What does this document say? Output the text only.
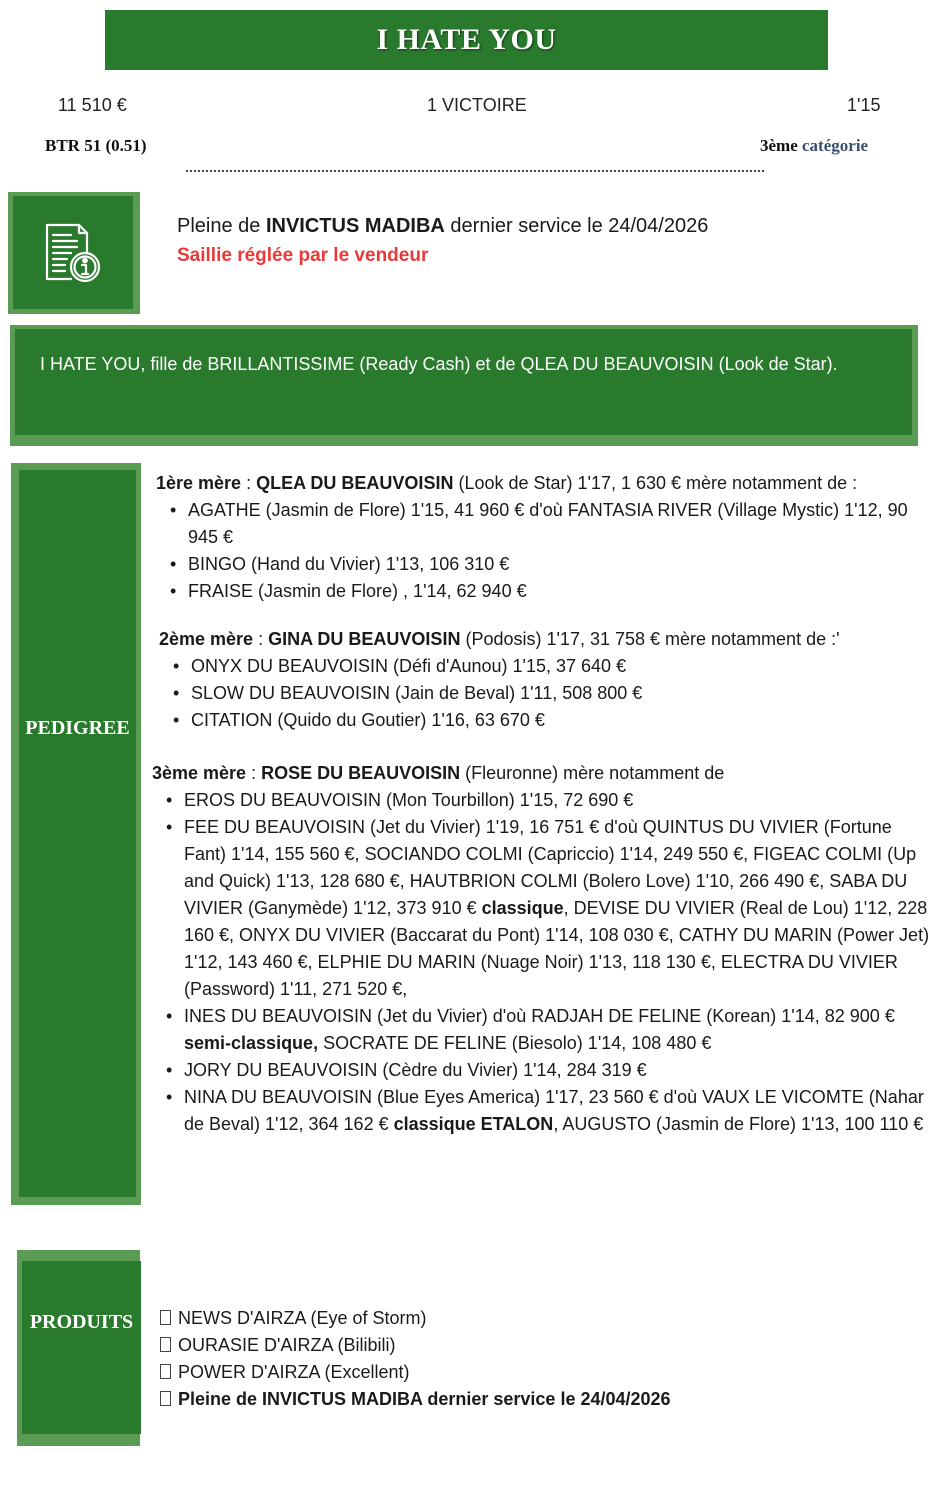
I HATE YOU
11 510 €	1 VICTOIRE	1'15
BTR 51 (0.51)	3ème catégorie
Pleine de INVICTUS MADIBA dernier service le 24/04/2026
Saillie réglée par le vendeur
I HATE YOU, fille de BRILLANTISSIME (Ready Cash) et de QLEA DU BEAUVOISIN (Look de Star).
PEDIGREE
1ère mère : QLEA DU BEAUVOISIN (Look de Star) 1'17, 1 630 € mère notamment de :
• AGATHE (Jasmin de Flore) 1'15, 41 960 € d'où FANTASIA RIVER (Village Mystic) 1'12, 90 945 €
• BINGO (Hand du Vivier) 1'13, 106 310 €
• FRAISE (Jasmin de Flore) , 1'14, 62 940 €
2ème mère : GINA DU BEAUVOISIN (Podosis) 1'17, 31 758 € mère notamment de :'
• ONYX DU BEAUVOISIN (Défi d'Aunou) 1'15, 37 640 €
• SLOW DU BEAUVOISIN (Jain de Beval) 1'11, 508 800 €
• CITATION (Quido du Goutier) 1'16, 63 670 €
3ème mère : ROSE DU BEAUVOISIN (Fleuronne) mère notamment de
• EROS DU BEAUVOISIN (Mon Tourbillon) 1'15, 72 690 €
• FEE DU BEAUVOISIN (Jet du Vivier) 1'19, 16 751 € d'où QUINTUS DU VIVIER (Fortune Fant) 1'14, 155 560 €, SOCIANDO COLMI (Capriccio) 1'14, 249 550 €, FIGEAC COLMI (Up and Quick) 1'13, 128 680 €, HAUTBRION COLMI (Bolero Love) 1'10, 266 490 €, SABA DU VIVIER (Ganymède) 1'12, 373 910 € classique, DEVISE DU VIVIER (Real de Lou) 1'12, 228 160 €, ONYX DU VIVIER (Baccarat du Pont) 1'14, 108 030 €, CATHY DU MARIN (Power Jet) 1'12, 143 460 €, ELPHIE DU MARIN (Nuage Noir) 1'13, 118 130 €, ELECTRA DU VIVIER (Password) 1'11, 271 520 €,
• INES DU BEAUVOISIN (Jet du Vivier) d'où RADJAH DE FELINE (Korean) 1'14, 82 900 € semi-classique, SOCRATE DE FELINE (Biesolo) 1'14, 108 480 €
• JORY DU BEAUVOISIN (Cèdre du Vivier) 1'14, 284 319 €
• NINA DU BEAUVOISIN (Blue Eyes America) 1'17, 23 560 € d'où VAUX LE VICOMTE (Nahar de Beval) 1'12, 364 162 € classique ETALON, AUGUSTO (Jasmin de Flore) 1'13, 100 110 €
PRODUITS	NEWS D'AIRZA (Eye of Storm)
OURASIE D'AIRZA (Bilibili)
POWER D'AIRZA (Excellent)
Pleine de INVICTUS MADIBA dernier service le 24/04/2026
